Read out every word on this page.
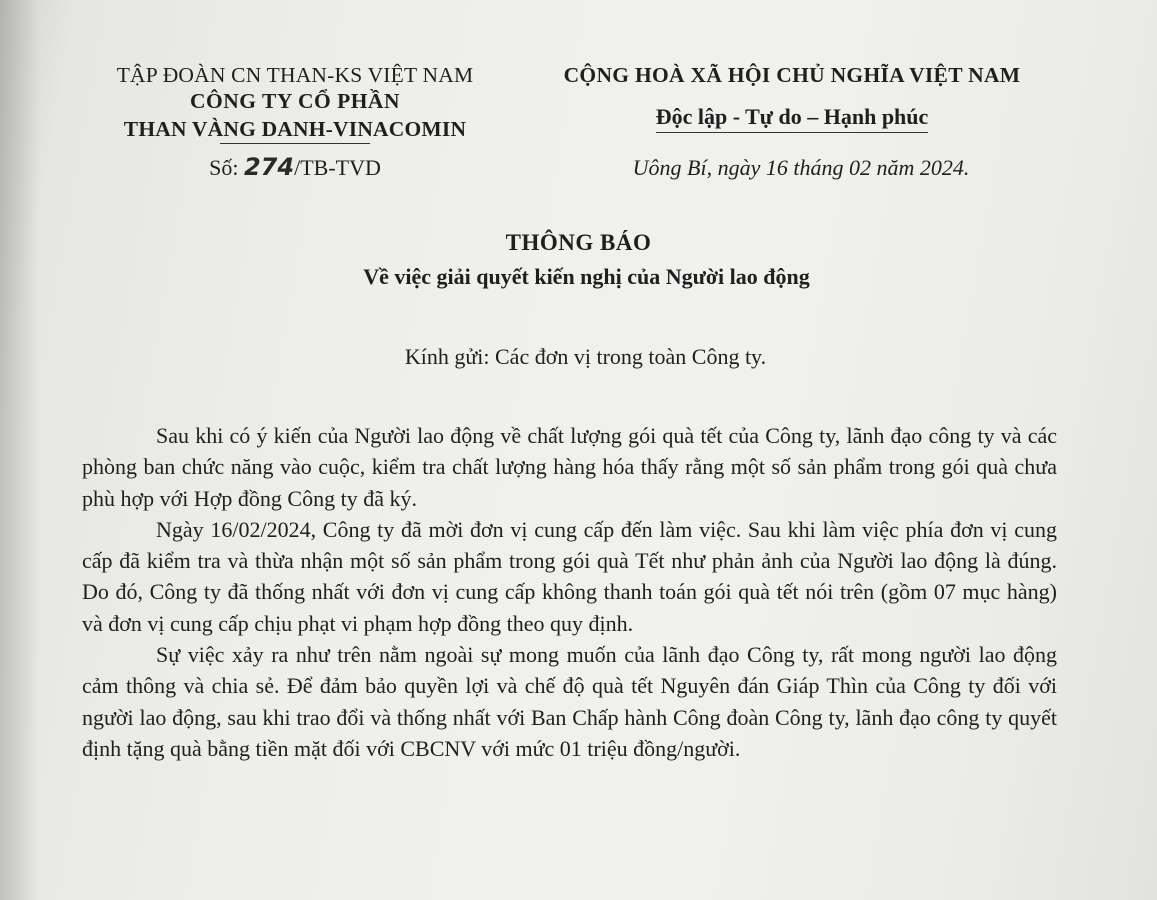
TẬP ĐOÀN CN THAN-KS VIỆT NAM
CÔNG TY CỔ PHẦN
THAN VÀNG DANH-VINACOMIN
Số: 274/TB-TVD
CỘNG HOÀ XÃ HỘI CHỦ NGHĨA VIỆT NAM
Độc lập - Tự do – Hạnh phúc
Uông Bí, ngày 16 tháng 02 năm 2024.
THÔNG BÁO
Về việc giải quyết kiến nghị của Người lao động
Kính gửi: Các đơn vị trong toàn Công ty.

Sau khi có ý kiến của Người lao động về chất lượng gói quà tết của Công ty, lãnh đạo công ty và các phòng ban chức năng vào cuộc, kiểm tra chất lượng hàng hóa thấy rằng một số sản phẩm trong gói quà chưa phù hợp với Hợp đồng Công ty đã ký.

Ngày 16/02/2024, Công ty đã mời đơn vị cung cấp đến làm việc. Sau khi làm việc phía đơn vị cung cấp đã kiểm tra và thừa nhận một số sản phẩm trong gói quà Tết như phản ảnh của Người lao động là đúng. Do đó, Công ty đã thống nhất với đơn vị cung cấp không thanh toán gói quà tết nói trên (gồm 07 mục hàng) và đơn vị cung cấp chịu phạt vi phạm hợp đồng theo quy định.

Sự việc xảy ra như trên nằm ngoài sự mong muốn của lãnh đạo Công ty, rất mong người lao động cảm thông và chia sẻ. Để đảm bảo quyền lợi và chế độ quà tết Nguyên đán Giáp Thìn của Công ty đối với người lao động, sau khi trao đổi và thống nhất với Ban Chấp hành Công đoàn Công ty, lãnh đạo công ty quyết định tặng quà bằng tiền mặt đối với CBCNV với mức 01 triệu đồng/người.
